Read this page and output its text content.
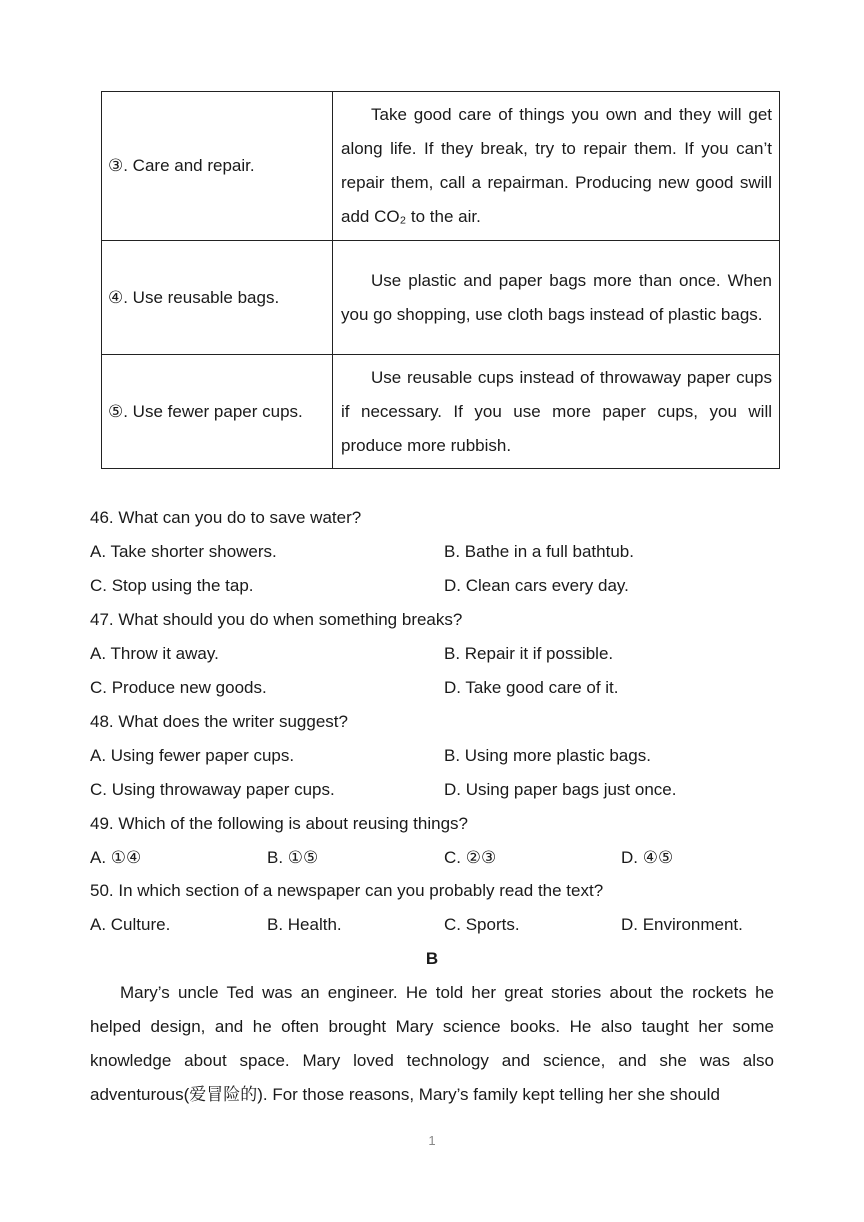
③. Care and repair.	Take good care of things you own and they will get along life. If they break, try to repair them. If you can’t repair them, call a repairman. Producing new good swill add CO₂ to the air.
④. Use reusable bags.	Use plastic and paper bags more than once. When you go shopping, use cloth bags instead of plastic bags.
⑤. Use fewer paper cups.	Use reusable cups instead of throwaway paper cups if necessary. If you use more paper cups, you will produce more rubbish.
46. What can you do to save water?
A. Take shorter showers.	B. Bathe in a full bathtub.
C. Stop using the tap.	D. Clean cars every day.
47. What should you do when something breaks?
A. Throw it away.	B. Repair it if possible.
C. Produce new goods.	D. Take good care of it.
48. What does the writer suggest?
A. Using fewer paper cups.	B. Using more plastic bags.
C. Using throwaway paper cups.	D. Using paper bags just once.
49. Which of the following is about reusing things?
A. ①④	B. ①⑤	C. ②③	D. ④⑤
50. In which section of a newspaper can you probably read the text?
A. Culture.	B. Health.	C. Sports.	D. Environment.
B
Mary’s uncle Ted was an engineer. He told her great stories about the rockets he helped design, and he often brought Mary science books. He also taught her some knowledge about space. Mary loved technology and science, and she was also adventurous(爱冒险的). For those reasons, Mary’s family kept telling her she should
1
